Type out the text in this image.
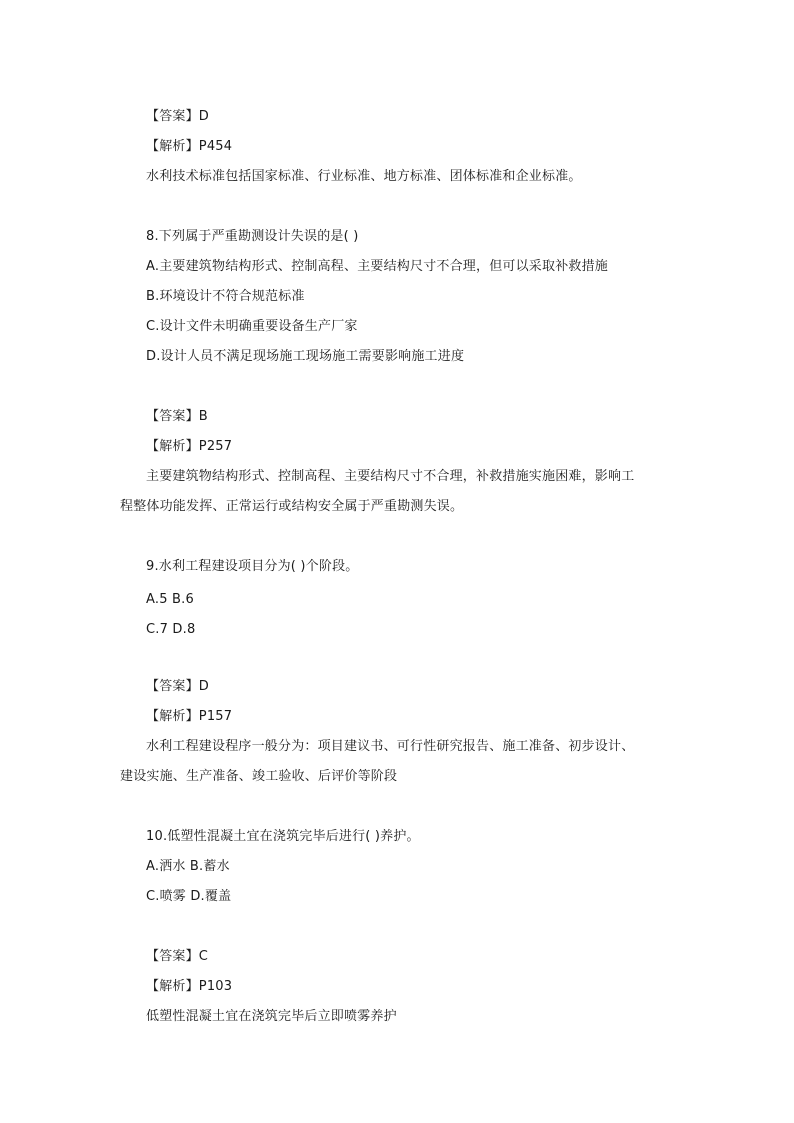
【答案】D
【解析】P454
水利技术标准包括国家标准、行业标准、地方标准、团体标准和企业标准。
8.下列属于严重勘测设计失误的是( )
A.主要建筑物结构形式、控制高程、主要结构尺寸不合理，但可以采取补救措施
B.环境设计不符合规范标准
C.设计文件未明确重要设备生产厂家
D.设计人员不满足现场施工现场施工需要影响施工进度
【答案】B
【解析】P257
主要建筑物结构形式、控制高程、主要结构尺寸不合理，补救措施实施困难，影响工
程整体功能发挥、正常运行或结构安全属于严重勘测失误。
9.水利工程建设项目分为( )个阶段。
A.5 B.6
C.7 D.8
【答案】D
【解析】P157
水利工程建设程序一般分为：项目建议书、可行性研究报告、施工准备、初步设计、
建设实施、生产准备、竣工验收、后评价等阶段
10.低塑性混凝土宜在浇筑完毕后进行( )养护。
A.洒水 B.蓄水
C.喷雾 D.覆盖
【答案】C
【解析】P103
低塑性混凝土宜在浇筑完毕后立即喷雾养护
